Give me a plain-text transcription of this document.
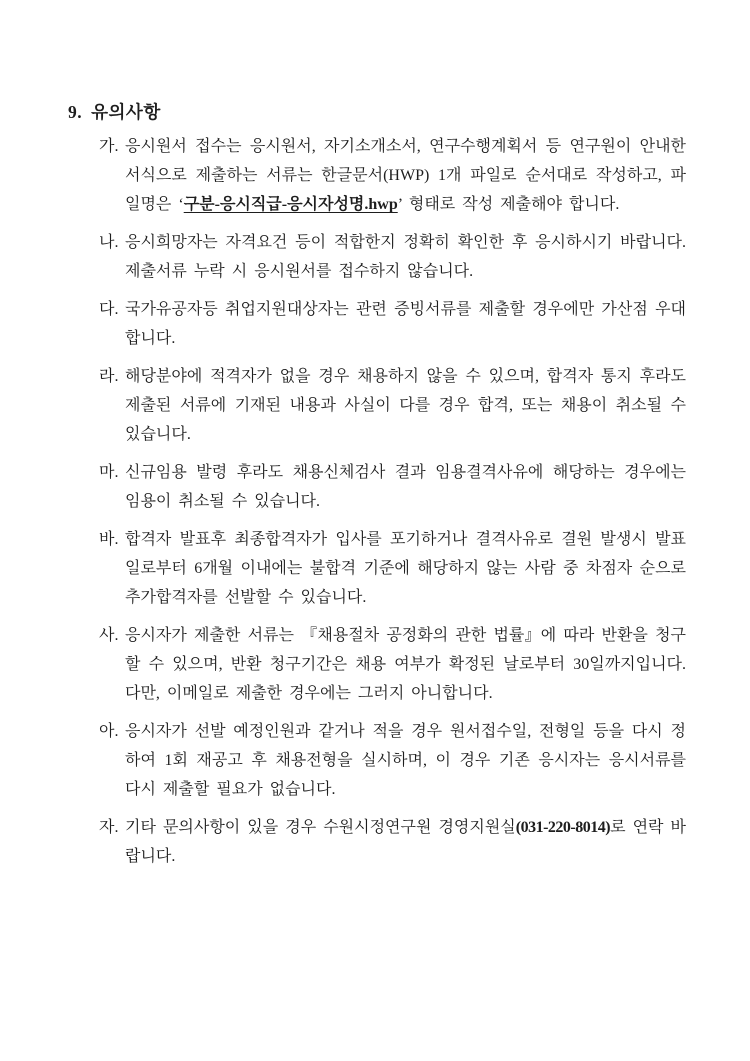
9. 유의사항
가. 응시원서 접수는 응시원서, 자기소개소서, 연구수행계획서 등 연구원이 안내한 서식으로 제출하는 서류는 한글문서(HWP) 1개 파일로 순서대로 작성하고, 파일명은 ‘구분-응시직급-응시자성명.hwp’ 형태로 작성 제출해야 합니다.
나. 응시희망자는 자격요건 등이 적합한지 정확히 확인한 후 응시하시기 바랍니다. 제출서류 누락 시 응시원서를 접수하지 않습니다.
다. 국가유공자등 취업지원대상자는 관련 증빙서류를 제출할 경우에만 가산점 우대합니다.
라. 해당분야에 적격자가 없을 경우 채용하지 않을 수 있으며, 합격자 통지 후라도 제출된 서류에 기재된 내용과 사실이 다를 경우 합격, 또는 채용이 취소될 수 있습니다.
마. 신규임용 발령 후라도 채용신체검사 결과 임용결격사유에 해당하는 경우에는 임용이 취소될 수 있습니다.
바. 합격자 발표후 최종합격자가 입사를 포기하거나 결격사유로 결원 발생시 발표일로부터 6개월 이내에는 불합격 기준에 해당하지 않는 사람 중 차점자 순으로 추가합격자를 선발할 수 있습니다.
사. 응시자가 제출한 서류는 『채용절차 공정화의 관한 법률』에 따라 반환을 청구할 수 있으며, 반환 청구기간은 채용 여부가 확정된 날로부터 30일까지입니다. 다만, 이메일로 제출한 경우에는 그러지 아니합니다.
아. 응시자가 선발 예정인원과 같거나 적을 경우 원서접수일, 전형일 등을 다시 정하여 1회 재공고 후 채용전형을 실시하며, 이 경우 기존 응시자는 응시서류를 다시 제출할 필요가 없습니다.
자. 기타 문의사항이 있을 경우 수원시정연구원 경영지원실(031-220-8014)로 연락 바랍니다.
